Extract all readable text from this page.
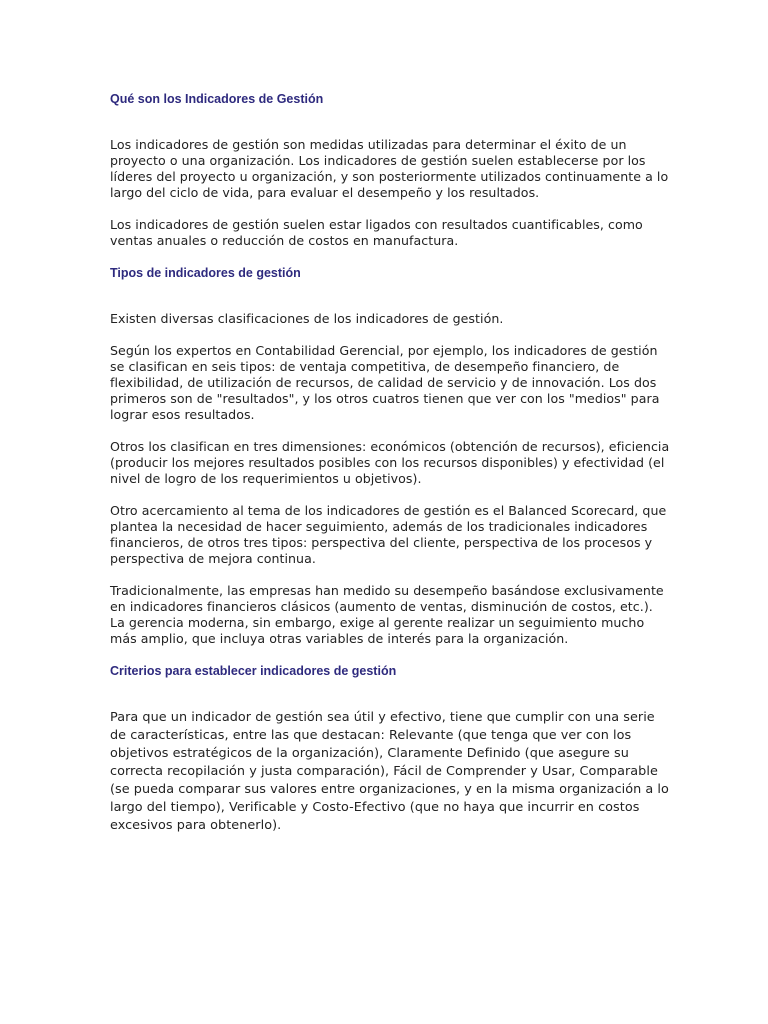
Qué son los Indicadores de Gestión

Los indicadores de gestión son medidas utilizadas para determinar el éxito de un proyecto o una organización. Los indicadores de gestión suelen establecerse por los líderes del proyecto u organización, y son posteriormente utilizados continuamente a lo largo del ciclo de vida, para evaluar el desempeño y los resultados.

Los indicadores de gestión suelen estar ligados con resultados cuantificables, como ventas anuales o reducción de costos en manufactura.

Tipos de indicadores de gestión

Existen diversas clasificaciones de los indicadores de gestión.

Según los expertos en Contabilidad Gerencial, por ejemplo, los indicadores de gestión se clasifican en seis tipos: de ventaja competitiva, de desempeño financiero, de flexibilidad, de utilización de recursos, de calidad de servicio y de innovación. Los dos primeros son de "resultados", y los otros cuatros tienen que ver con los "medios" para lograr esos resultados.

Otros los clasifican en tres dimensiones: económicos (obtención de recursos), eficiencia (producir los mejores resultados posibles con los recursos disponibles) y efectividad (el nivel de logro de los requerimientos u objetivos).

Otro acercamiento al tema de los indicadores de gestión es el Balanced Scorecard, que plantea la necesidad de hacer seguimiento, además de los tradicionales indicadores financieros, de otros tres tipos: perspectiva del cliente, perspectiva de los procesos y perspectiva de mejora continua.

Tradicionalmente, las empresas han medido su desempeño basándose exclusivamente en indicadores financieros clásicos (aumento de ventas, disminución de costos, etc.). La gerencia moderna, sin embargo, exige al gerente realizar un seguimiento mucho más amplio, que incluya otras variables de interés para la organización.

Criterios para establecer indicadores de gestión

Para que un indicador de gestión sea útil y efectivo, tiene que cumplir con una serie de características, entre las que destacan: Relevante (que tenga que ver con los objetivos estratégicos de la organización), Claramente Definido (que asegure su correcta recopilación y justa comparación), Fácil de Comprender y Usar, Comparable (se pueda comparar sus valores entre organizaciones, y en la misma organización a lo largo del tiempo), Verificable y Costo-Efectivo (que no haya que incurrir en costos excesivos para obtenerlo).
